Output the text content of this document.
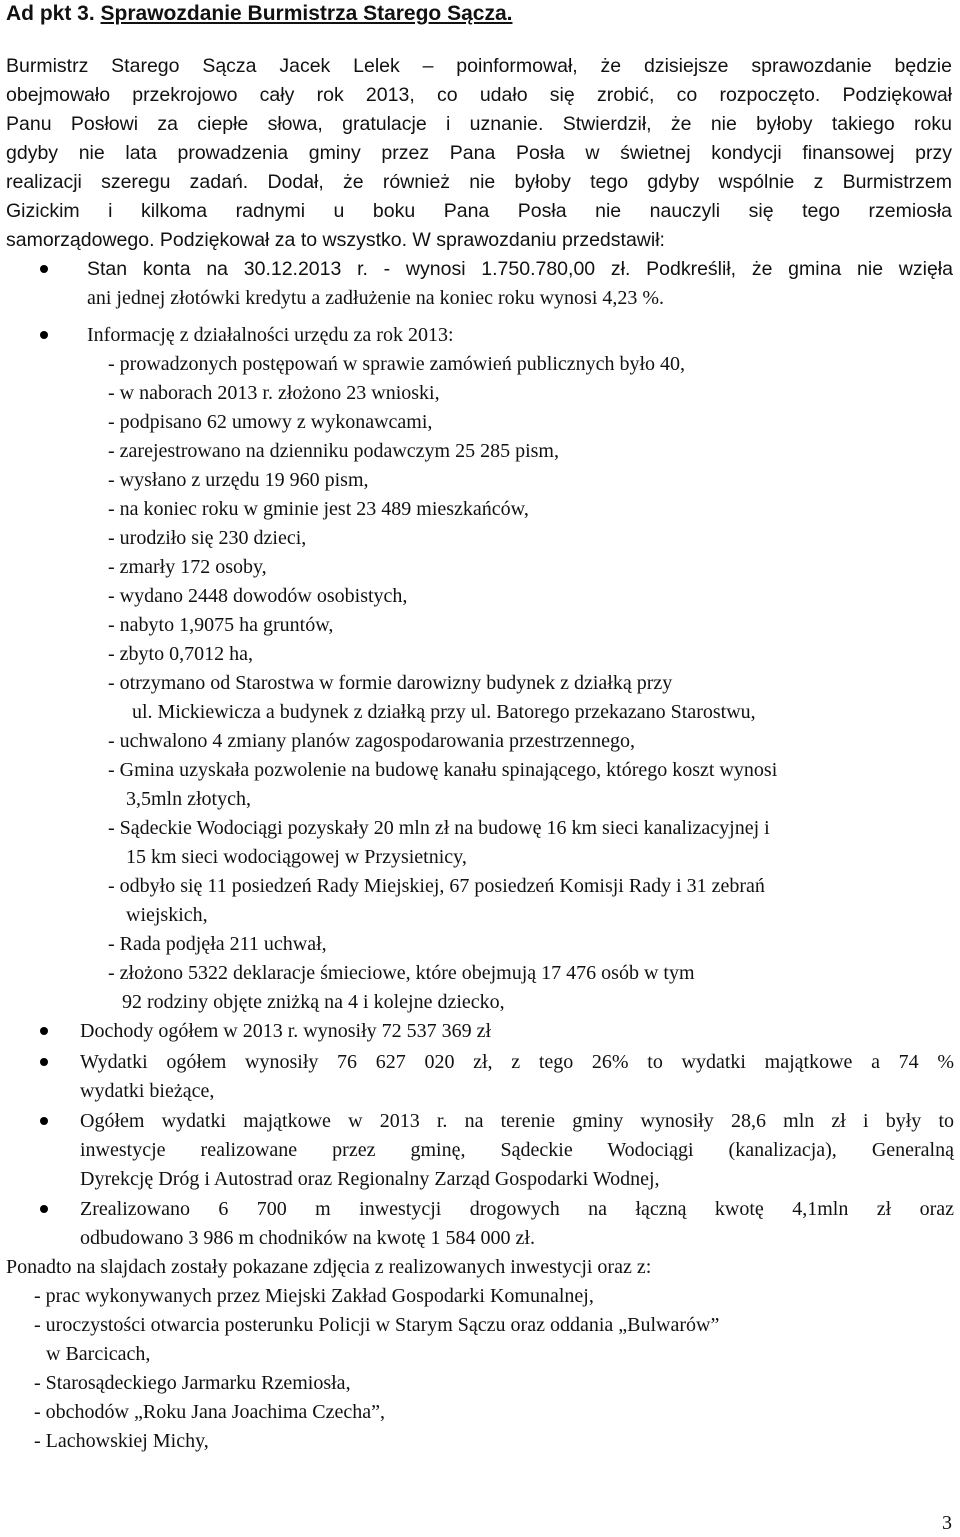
Ad pkt 3. Sprawozdanie Burmistrza Starego Sącza.
Burmistrz Starego Sącza Jacek Lelek – poinformował, że dzisiejsze sprawozdanie będzie
obejmowało przekrojowo cały rok 2013, co udało się zrobić, co rozpoczęto. Podziękował
Panu Posłowi za ciepłe słowa, gratulacje i uznanie. Stwierdził, że nie byłoby takiego roku
gdyby nie lata prowadzenia gminy przez Pana Posła w świetnej kondycji finansowej przy
realizacji szeregu zadań. Dodał, że również nie byłoby tego gdyby wspólnie z Burmistrzem
Gizickim i kilkoma radnymi u boku Pana Posła nie nauczyli się tego rzemiosła
samorządowego. Podziękował za to wszystko. W sprawozdaniu przedstawił:
Stan konta na 30.12.2013 r. - wynosi 1.750.780,00 zł. Podkreślił, że gmina nie wzięła
ani jednej złotówki kredytu a zadłużenie na koniec roku wynosi 4,23 %.
Informację z działalności urzędu za rok 2013:
- prowadzonych postępowań w sprawie zamówień publicznych było 40,
- w naborach 2013 r. złożono 23 wnioski,
- podpisano 62 umowy z wykonawcami,
- zarejestrowano na dzienniku podawczym 25 285 pism,
- wysłano z urzędu 19 960 pism,
- na koniec roku w gminie jest 23 489 mieszkańców,
- urodziło się 230 dzieci,
- zmarły 172 osoby,
- wydano 2448 dowodów osobistych,
- nabyto 1,9075 ha gruntów,
- zbyto 0,7012 ha,
- otrzymano od Starostwa w formie darowizny budynek z działką przy
ul. Mickiewicza a budynek z działką przy ul. Batorego przekazano Starostwu,
- uchwalono 4 zmiany planów zagospodarowania przestrzennego,
- Gmina uzyskała pozwolenie na budowę kanału spinającego, którego koszt wynosi
3,5mln złotych,
- Sądeckie Wodociągi pozyskały 20 mln zł na budowę 16 km sieci kanalizacyjnej i
15 km sieci wodociągowej w Przysietnicy,
- odbyło się 11 posiedzeń Rady Miejskiej, 67 posiedzeń Komisji Rady i 31 zebrań
wiejskich,
- Rada podjęła 211 uchwał,
- złożono 5322 deklaracje śmieciowe, które obejmują 17 476 osób w tym
92 rodziny objęte zniżką na 4 i kolejne dziecko,
Dochody ogółem w 2013 r. wynosiły 72 537 369 zł
Wydatki ogółem wynosiły 76 627 020 zł, z tego 26% to wydatki majątkowe a 74 %
wydatki bieżące,
Ogółem wydatki majątkowe w 2013 r. na terenie gminy wynosiły 28,6 mln zł i były to
inwestycje realizowane przez gminę, Sądeckie Wodociągi (kanalizacja), Generalną
Dyrekcję Dróg i Autostrad oraz Regionalny Zarząd Gospodarki Wodnej,
Zrealizowano 6 700 m inwestycji drogowych na łączną kwotę 4,1mln zł oraz
odbudowano 3 986 m chodników na kwotę 1 584 000 zł.
Ponadto na slajdach zostały pokazane zdjęcia z realizowanych inwestycji oraz z:
- prac wykonywanych przez Miejski Zakład Gospodarki Komunalnej,
- uroczystości otwarcia posterunku Policji w Starym Sączu oraz oddania „Bulwarów”
w Barcicach,
- Starosądeckiego Jarmarku Rzemiosła,
- obchodów „Roku Jana Joachima Czecha”,
- Lachowskiej Michy,
3
